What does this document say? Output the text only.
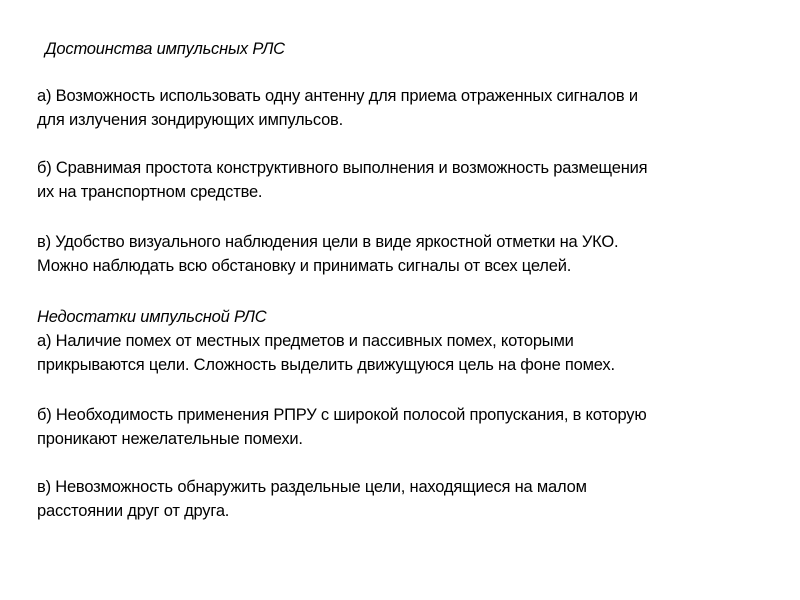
Достоинства импульсных РЛС
а) Возможность использовать одну антенну для приема отраженных сигналов и
для излучения зондирующих импульсов.
б) Сравнимая простота конструктивного выполнения и возможность размещения
их на транспортном средстве.
в) Удобство визуального наблюдения цели в виде яркостной отметки на УКО.
Можно наблюдать всю обстановку и принимать сигналы от всех целей.
Недостатки импульсной РЛС
а) Наличие помех от местных предметов и пассивных помех, которыми
прикрываются цели. Сложность выделить движущуюся цель на фоне помех.
б) Необходимость применения РПРУ с широкой полосой пропускания, в которую
проникают нежелательные помехи.
в) Невозможность обнаружить раздельные цели, находящиеся на малом
расстоянии друг от друга.
